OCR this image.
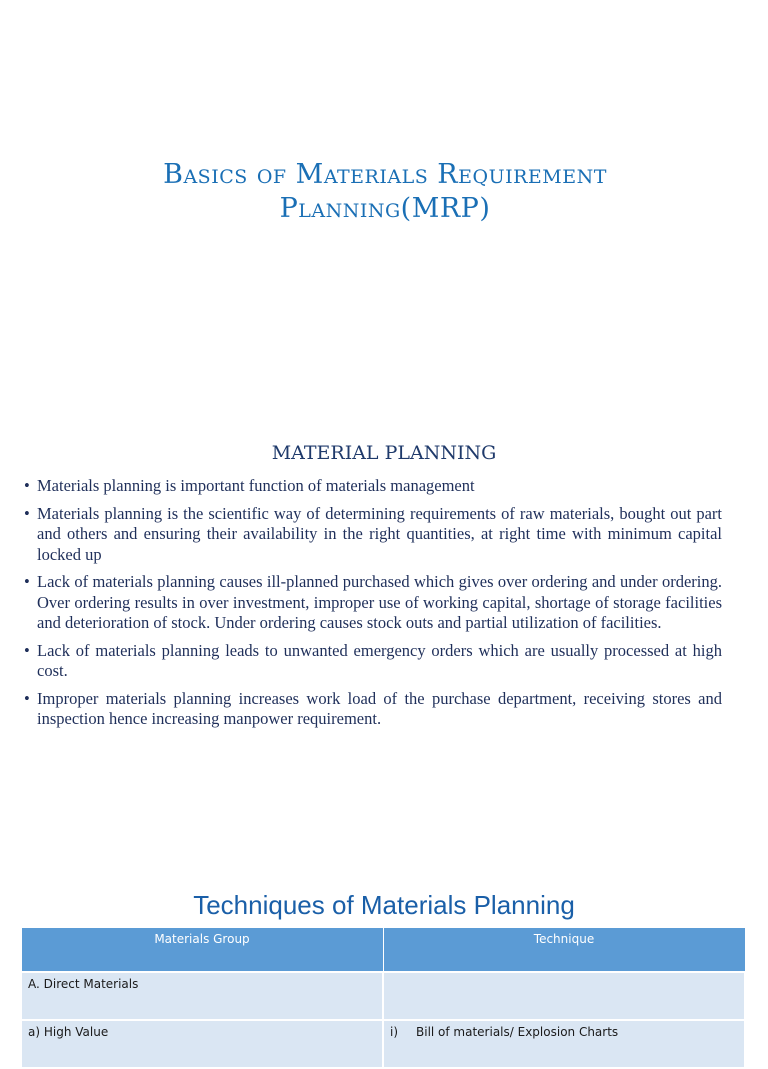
Basics of Materials Requirement
Planning(MRP)
MATERIAL PLANNING
• Materials planning is important function of materials management
• Materials planning is the scientific way of determining requirements of raw materials, bought out part and others and ensuring their availability in the right quantities, at right time with minimum capital locked up
• Lack of materials planning causes ill-planned purchased which gives over ordering and under ordering. Over ordering results in over investment, improper use of working capital, shortage of storage facilities and deterioration of stock. Under ordering causes stock outs and partial utilization of facilities.
• Lack of materials planning leads to unwanted emergency orders which are usually processed at high cost.
• Improper materials planning increases work load of the purchase department, receiving stores and inspection hence increasing manpower requirement.
Techniques of Materials Planning
Materials Group	Technique
A. Direct Materials	
a) High Value	i) Bill of materials/ Explosion Charts
